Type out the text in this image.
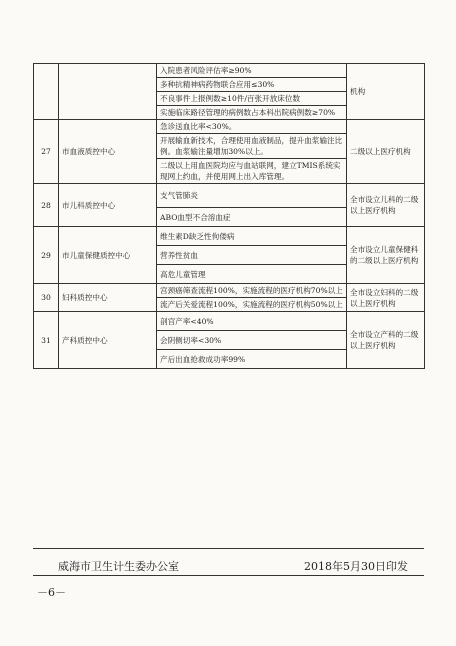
		入院患者风险评估率≥90%	机构
		多种抗精神病药物联合应用≤30%	
		不良事件上报例数≥10件/百张开放床位数	
		实施临床路径管理的病例数占本科出院病例数≥70%	
27	市血液质控中心	急诊送血比率<30%。	二级以上医疗机构
		开展输血新技术，合理使用血液制品，提升血浆输注比例。血浆输注量增加30%以上。	
		二级以上用血医院均应与血站联网，建立TMIS系统实现网上约血，并使用网上出入库管理。	
28	市儿科质控中心	支气管肺炎	全市设立儿科的二级以上医疗机构
		ABO血型不合溶血症	
29	市儿童保健质控中心	维生素D缺乏性佝偻病	全市设立儿童保健科的二级以上医疗机构
		营养性贫血	
		高危儿童管理	
30	妇科质控中心	宫颈癌筛查流程100%，实施流程的医疗机构70%以上	全市设立妇科的二级以上医疗机构
		流产后关爱流程100%，实施流程的医疗机构50%以上	
31	产科质控中心	剖宫产率<40%	全市设立产科的二级以上医疗机构
		会阴侧切率<30%	
		产后出血抢救成功率99%	
威海市卫生计生委办公室	2018年5月30日印发
－6－
